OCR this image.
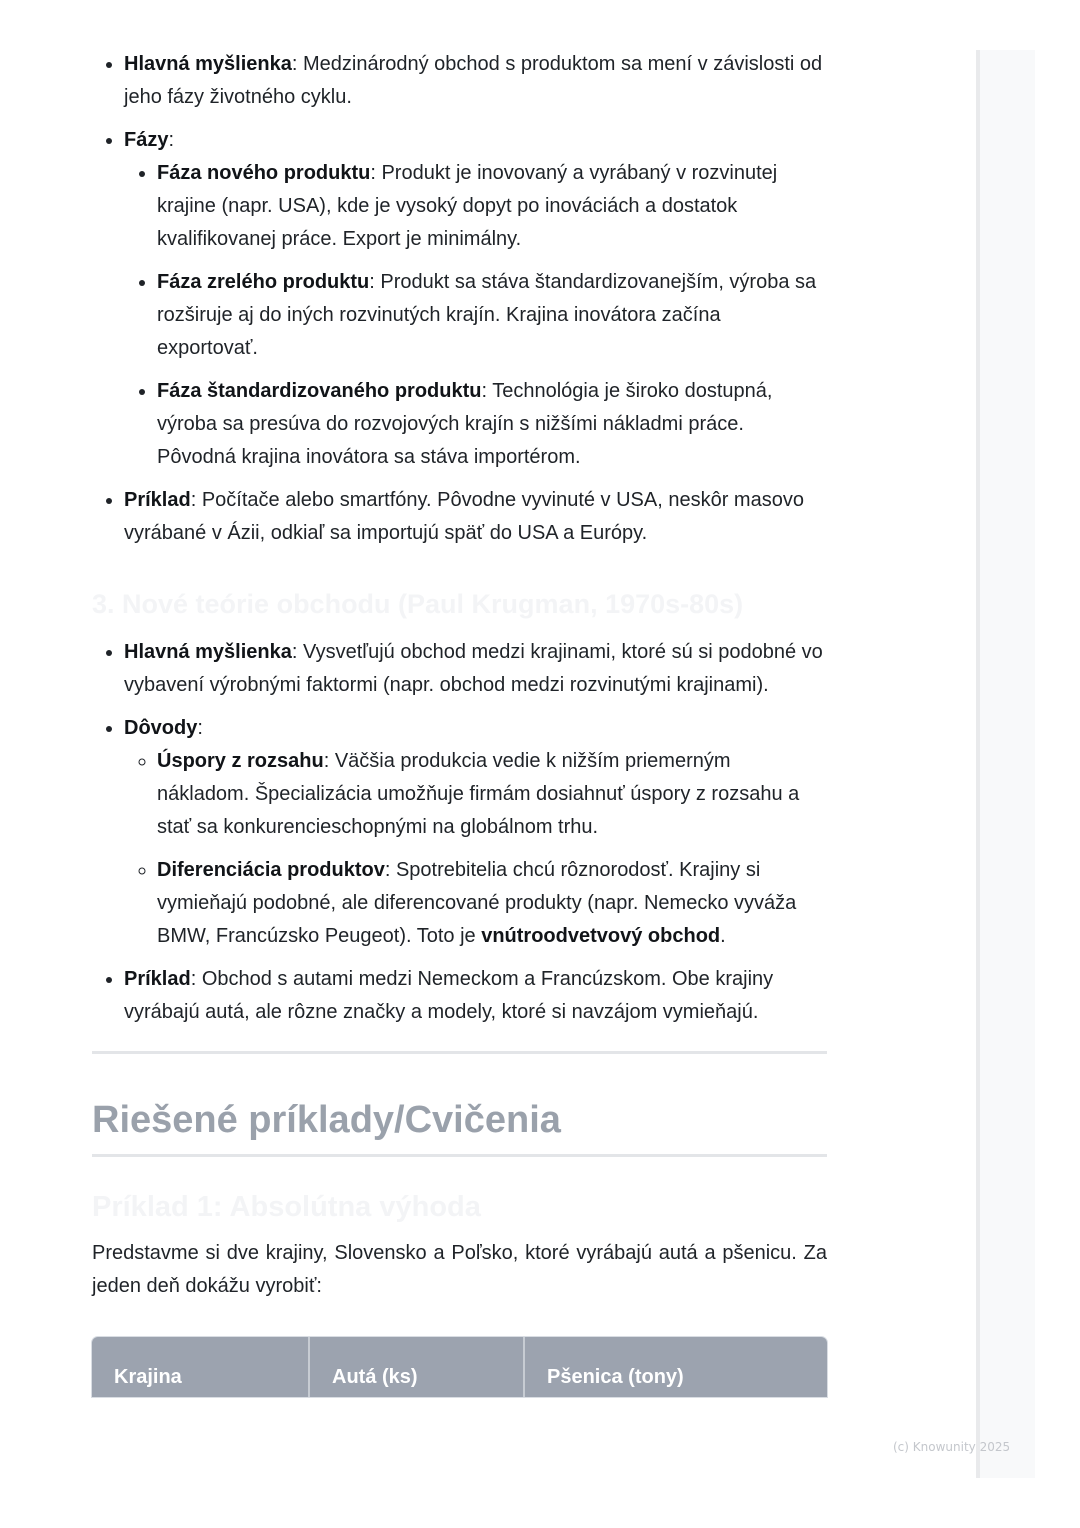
• Hlavná myšlienka: Medzinárodný obchod s produktom sa mení v závislosti od jeho fázy životného cyklu.
• Fázy:
• Fáza nového produktu: Produkt je inovovaný a vyrábaný v rozvinutej krajine (napr. USA), kde je vysoký dopyt po inováciách a dostatok kvalifikovanej práce. Export je minimálny.
• Fáza zrelého produktu: Produkt sa stáva štandardizovanejším, výroba sa rozširuje aj do iných rozvinutých krajín. Krajina inovátora začína exportovať.
• Fáza štandardizovaného produktu: Technológia je široko dostupná, výroba sa presúva do rozvojových krajín s nižšími nákladmi práce. Pôvodná krajina inovátora sa stáva importérom.
• Príklad: Počítače alebo smartfóny. Pôvodne vyvinuté v USA, neskôr masovo vyrábané v Ázii, odkiaľ sa importujú späť do USA a Európy.
3. Nové teórie obchodu (Paul Krugman, 1970s-80s)
• Hlavná myšlienka: Vysvetľujú obchod medzi krajinami, ktoré sú si podobné vo vybavení výrobnými faktormi (napr. obchod medzi rozvinutými krajinami).
• Dôvody:
◦ Úspory z rozsahu: Väčšia produkcia vedie k nižším priemerným nákladom. Špecializácia umožňuje firmám dosiahnuť úspory z rozsahu a stať sa konkurencieschopnými na globálnom trhu.
◦ Diferenciácia produktov: Spotrebitelia chcú rôznorodosť. Krajiny si vymieňajú podobné, ale diferencované produkty (napr. Nemecko vyváža BMW, Francúzsko Peugeot). Toto je vnútroodvetvový obchod.
• Príklad: Obchod s autami medzi Nemeckom a Francúzskom. Obe krajiny vyrábajú autá, ale rôzne značky a modely, ktoré si navzájom vymieňajú.
Riešené príklady/Cvičenia
Príklad 1: Absolútna výhoda

Predstavme si dve krajiny, Slovensko a Poľsko, ktoré vyrábajú autá a pšenicu. Za jeden deň dokážu vyrobiť:

Krajina	Autá (ks)	Pšenica (tony)
(c) Knowunity 2025
